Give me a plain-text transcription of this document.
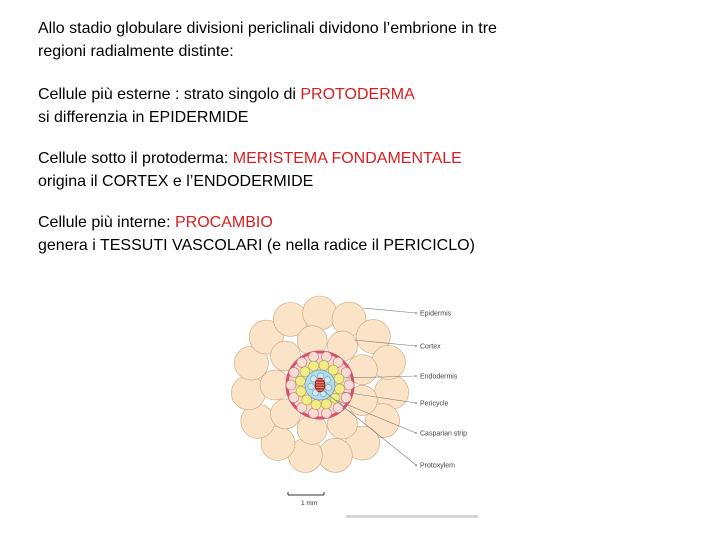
Allo stadio globulare divisioni periclinali dividono l’embrione in tre
regioni radialmente distinte:

Cellule più esterne : strato singolo di PROTODERMA
si differenzia in EPIDERMIDE

Cellule sotto il protoderma: MERISTEMA FONDAMENTALE
origina il CORTEX e l’ENDODERMIDE

Cellule più interne: PROCAMBIO
genera i TESSUTI VASCOLARI (e nella radice il PERICICLO)

Epidermis
Cortex
Endodermis
Pericycle
Casparian strip
Protoxylem
1 mm
